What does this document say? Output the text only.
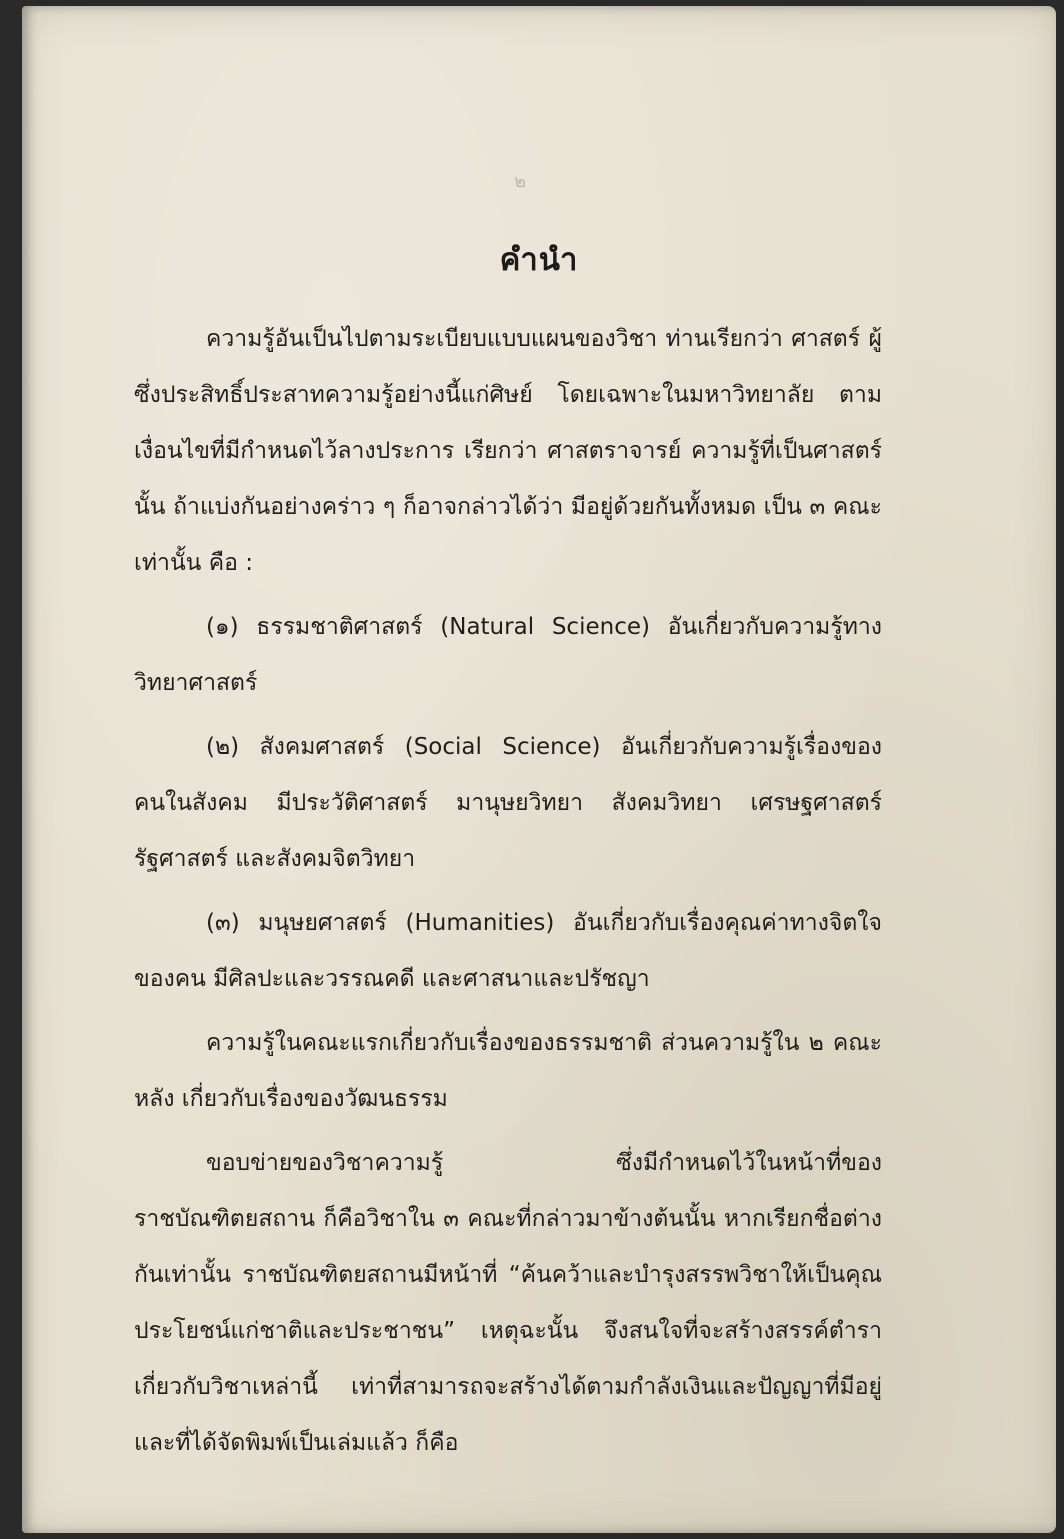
๒
คำนำ

ความรู้อันเป็นไปตามระเบียบแบบแผนของวิชา ท่านเรียกว่า ศาสตร์ ผู้ซึ่งประสิทธิ์ประสาทความรู้อย่างนี้แก่ศิษย์ โดยเฉพาะในมหาวิทยาลัย ตามเงื่อนไขที่มีกำหนดไว้ลางประการ เรียกว่า ศาสตราจารย์ ความรู้ที่เป็นศาสตร์นั้น ถ้าแบ่งกันอย่างคร่าว ๆ ก็อาจกล่าวได้ว่า มีอยู่ด้วยกันทั้งหมด เป็น ๓ คณะเท่านั้น คือ :

(๑) ธรรมชาติศาสตร์ (Natural Science) อันเกี่ยวกับความรู้ทางวิทยาศาสตร์

(๒) สังคมศาสตร์ (Social Science) อันเกี่ยวกับความรู้เรื่องของคนในสังคม มีประวัติศาสตร์ มานุษยวิทยา สังคมวิทยา เศรษฐศาสตร์ รัฐศาสตร์ และสังคมจิตวิทยา

(๓) มนุษยศาสตร์ (Humanities) อันเกี่ยวกับเรื่องคุณค่าทางจิตใจของคน มีศิลปะและวรรณคดี และศาสนาและปรัชญา

ความรู้ในคณะแรกเกี่ยวกับเรื่องของธรรมชาติ ส่วนความรู้ใน ๒ คณะหลัง เกี่ยวกับเรื่องของวัฒนธรรม

ขอบข่ายของวิชาความรู้ ซึ่งมีกำหนดไว้ในหน้าที่ของราชบัณฑิตยสถาน ก็คือวิชาใน ๓ คณะที่กล่าวมาข้างต้นนั้น หากเรียกชื่อต่างกันเท่านั้น ราชบัณฑิตยสถานมีหน้าที่ “ค้นคว้าและบำรุงสรรพวิชาให้เป็นคุณประโยชน์แก่ชาติและประชาชน” เหตุฉะนั้น จึงสนใจที่จะสร้างสรรค์ตำราเกี่ยวกับวิชาเหล่านี้ เท่าที่สามารถจะสร้างได้ตามกำลังเงินและปัญญาที่มีอยู่ และที่ได้จัดพิมพ์เป็นเล่มแล้ว ก็คือ
